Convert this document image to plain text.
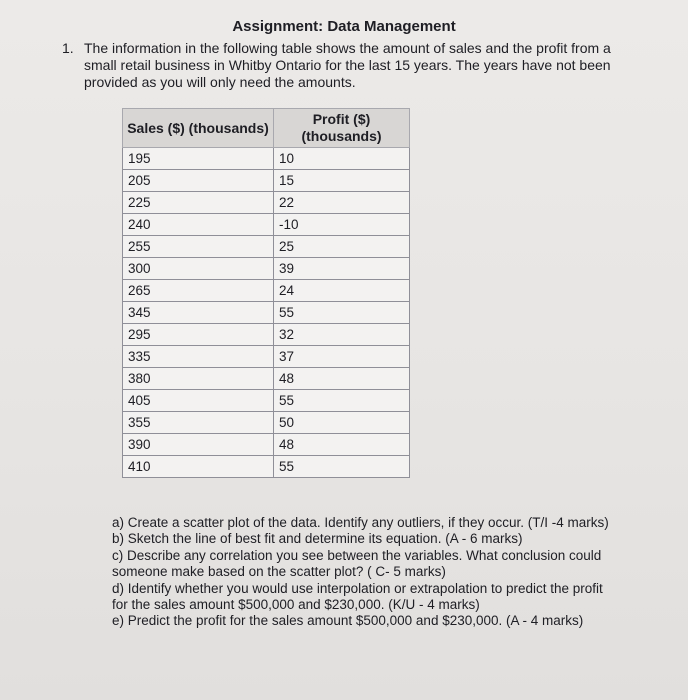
Assignment: Data Management
1. The information in the following table shows the amount of sales and the profit from a small retail business in Whitby Ontario for the last 15 years. The years have not been provided as you will only need the amounts.
Sales ($) (thousands)	Profit ($) (thousands)
195	10
205	15
225	22
240	-10
255	25
300	39
265	24
345	55
295	32
335	37
380	48
405	55
355	50
390	48
410	55
a) Create a scatter plot of the data. Identify any outliers, if they occur. (T/I -4 marks)
b) Sketch the line of best fit and determine its equation. (A - 6 marks)
c) Describe any correlation you see between the variables. What conclusion could someone make based on the scatter plot? ( C- 5 marks)
d) Identify whether you would use interpolation or extrapolation to predict the profit for the sales amount $500,000 and $230,000. (K/U - 4 marks)
e) Predict the profit for the sales amount $500,000 and $230,000. (A - 4 marks)
